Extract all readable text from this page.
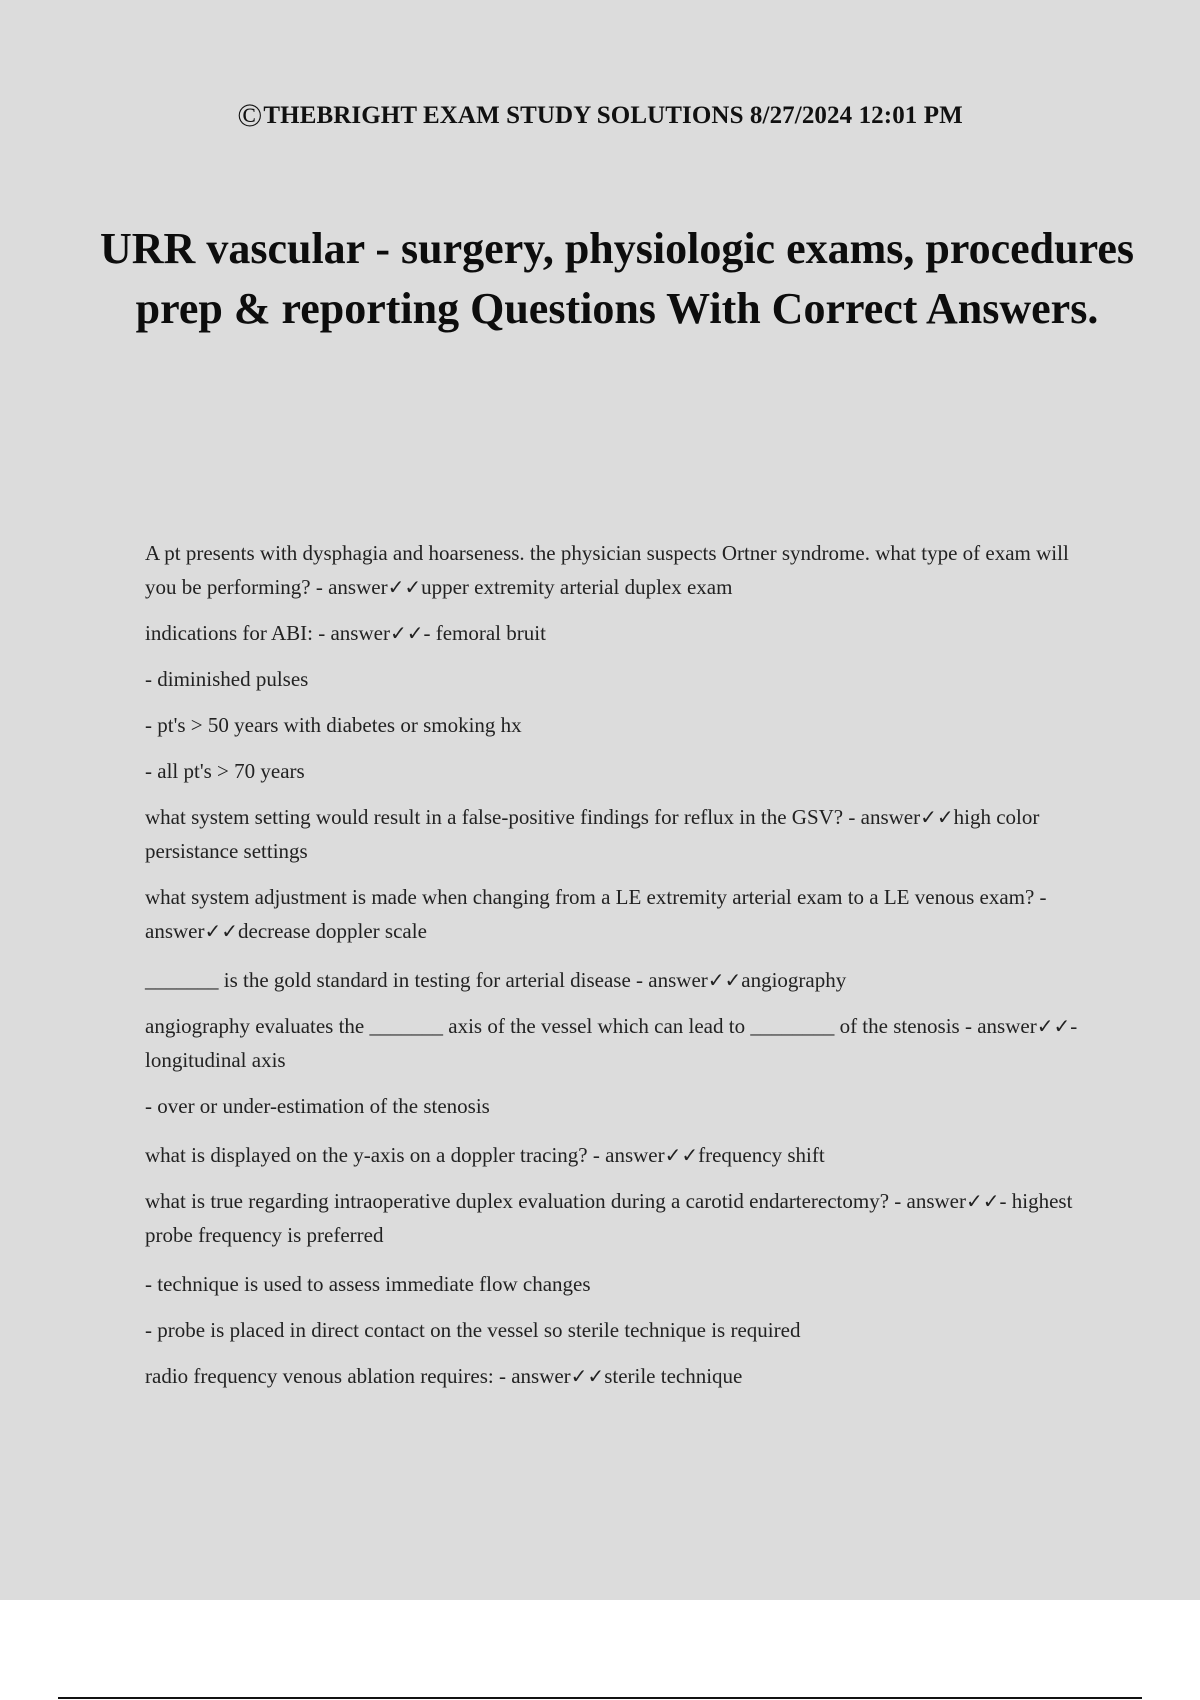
©THEBRIGHT EXAM STUDY SOLUTIONS 8/27/2024 12:01 PM
URR vascular - surgery, physiologic exams, procedures prep & reporting Questions With Correct Answers.

A pt presents with dysphagia and hoarseness. the physician suspects Ortner syndrome. what type of exam will you be performing? - answer✓✓upper extremity arterial duplex exam

indications for ABI: - answer✓✓- femoral bruit

- diminished pulses

- pt's > 50 years with diabetes or smoking hx

- all pt's > 70 years

what system setting would result in a false-positive findings for reflux in the GSV? - answer✓✓high color persistance settings

what system adjustment is made when changing from a LE extremity arterial exam to a LE venous exam? - answer✓✓decrease doppler scale

_______ is the gold standard in testing for arterial disease - answer✓✓angiography

angiography evaluates the _______ axis of the vessel which can lead to ________ of the stenosis - answer✓✓- longitudinal axis

- over or under-estimation of the stenosis

what is displayed on the y-axis on a doppler tracing? - answer✓✓frequency shift

what is true regarding intraoperative duplex evaluation during a carotid endarterectomy? - answer✓✓- highest probe frequency is preferred

- technique is used to assess immediate flow changes

- probe is placed in direct contact on the vessel so sterile technique is required

radio frequency venous ablation requires: - answer✓✓sterile technique
